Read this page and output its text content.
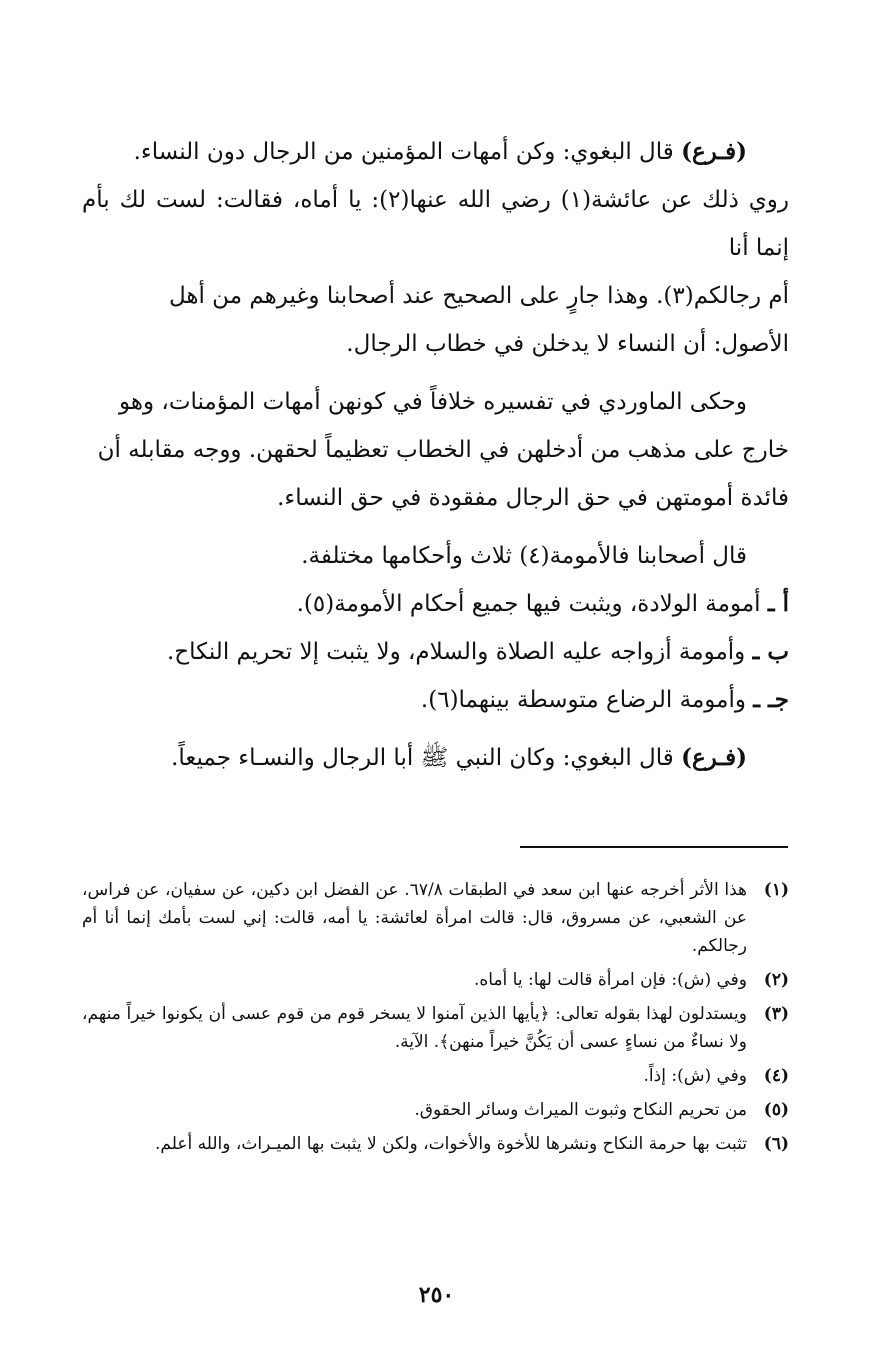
(فـرع) قال البغوي: وكن أمهات المؤمنين من الرجال دون النساء.
روي ذلك عن عائشة(١) رضي الله عنها(٢): يا أماه، فقالت: لست لك بأم إنما أنا
أم رجالكم(٣). وهذا جارٍ على الصحيح عند أصحابنا وغيرهم من أهل
الأصول: أن النساء لا يدخلن في خطاب الرجال.
وحكى الماوردي في تفسيره خلافاً في كونهن أمهات المؤمنات، وهو
خارج على مذهب من أدخلهن في الخطاب تعظيماً لحقهن. ووجه مقابله أن
فائدة أمومتهن في حق الرجال مفقودة في حق النساء.
قال أصحابنا فالأمومة(٤) ثلاث وأحكامها مختلفة.
أ ـ أمومة الولادة، ويثبت فيها جميع أحكام الأمومة(٥).
ب ـ وأمومة أزواجه عليه الصلاة والسلام، ولا يثبت إلا تحريم النكاح.
جـ ـ وأمومة الرضاع متوسطة بينهما(٦).
(فـرع) قال البغوي: وكان النبي ﷺ أبا الرجال والنسـاء جميعاً.
(١)
هذا الأثر أخرجه عنها ابن سعد في الطبقات ٦٧/٨. عن الفضل ابن دكين، عن سفيان، عن فراس، عن الشعبي، عن مسروق، قال: قالت امرأة لعائشة: يا أمه، قالت: إني لست بأمك إنما أنا أم رجالكم.
(٢)
وفي (ش): فإن امرأة قالت لها: يا أماه.
(٣)
ويستدلون لهذا بقوله تعالى: ﴿يأيها الذين آمنوا لا يسخر قوم من قوم عسى أن يكونوا خيراً منهم، ولا نساءٌ من نساءٍ عسى أن يَكُنَّ خيراً منهن﴾. الآية.
(٤)
وفي (ش): إذاً.
(٥)
من تحريم النكاح وثبوت الميراث وسائر الحقوق.
(٦)
تثبت بها حرمة النكاح ونشرها للأخوة والأخوات، ولكن لا يثبت بها الميـراث، والله أعلم.
٢٥٠
